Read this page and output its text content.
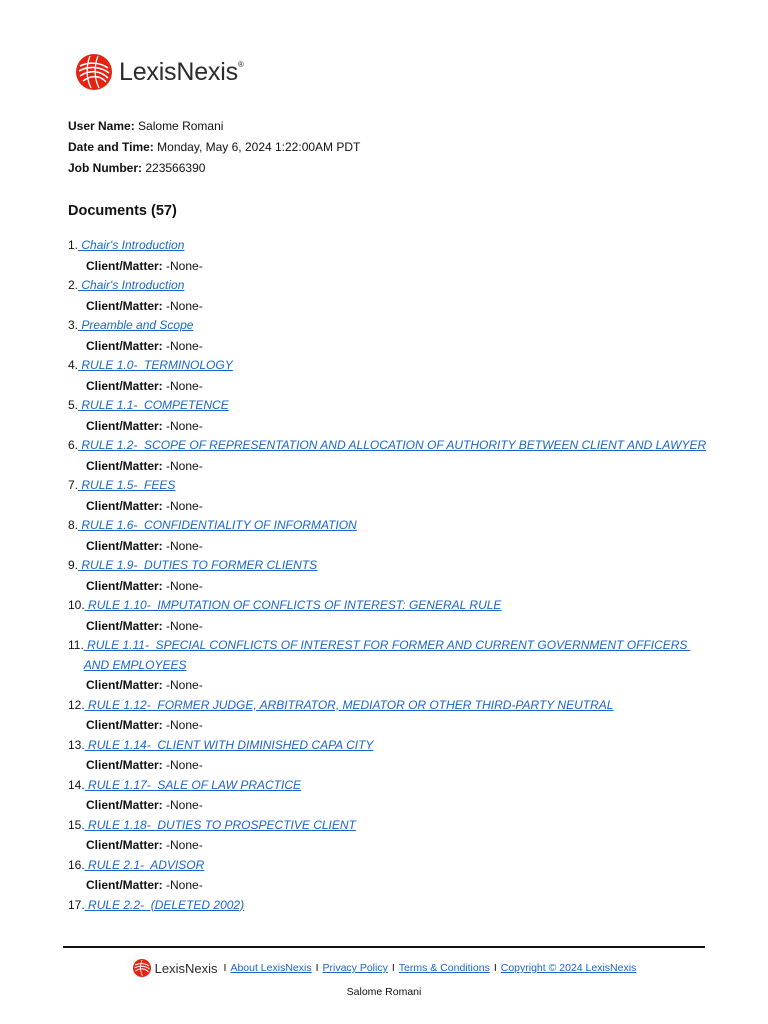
LexisNexis®
User Name: Salome Romani
Date and Time: Monday, May 6, 2024 1:22:00AM PDT
Job Number: 223566390
Documents (57)
1. Chair's Introduction
Client/Matter: -None-
2. Chair's Introduction
Client/Matter: -None-
3. Preamble and Scope
Client/Matter: -None-
4. RULE 1.0-  TERMINOLOGY
Client/Matter: -None-
5. RULE 1.1-  COMPETENCE
Client/Matter: -None-
6. RULE 1.2-  SCOPE OF REPRESENTATION AND ALLOCATION OF AUTHORITY BETWEEN CLIENT AND LAWYER
Client/Matter: -None-
7. RULE 1.5-  FEES
Client/Matter: -None-
8. RULE 1.6-  CONFIDENTIALITY OF INFORMATION
Client/Matter: -None-
9. RULE 1.9-  DUTIES TO FORMER CLIENTS
Client/Matter: -None-
10. RULE 1.10-  IMPUTATION OF CONFLICTS OF INTEREST: GENERAL RULE
Client/Matter: -None-
11. RULE 1.11-  SPECIAL CONFLICTS OF INTEREST FOR FORMER AND CURRENT GOVERNMENT OFFICERS AND EMPLOYEES
Client/Matter: -None-
12. RULE 1.12-  FORMER JUDGE, ARBITRATOR, MEDIATOR OR OTHER THIRD-PARTY NEUTRAL
Client/Matter: -None-
13. RULE 1.14-  CLIENT WITH DIMINISHED CAPA CITY
Client/Matter: -None-
14. RULE 1.17-  SALE OF LAW PRACTICE
Client/Matter: -None-
15. RULE 1.18-  DUTIES TO PROSPECTIVE CLIENT
Client/Matter: -None-
16. RULE 2.1-  ADVISOR
Client/Matter: -None-
17. RULE 2.2-  (DELETED 2002)
LexisNexis I About LexisNexis I Privacy Policy I Terms & Conditions I Copyright © 2024 LexisNexis
Salome Romani
